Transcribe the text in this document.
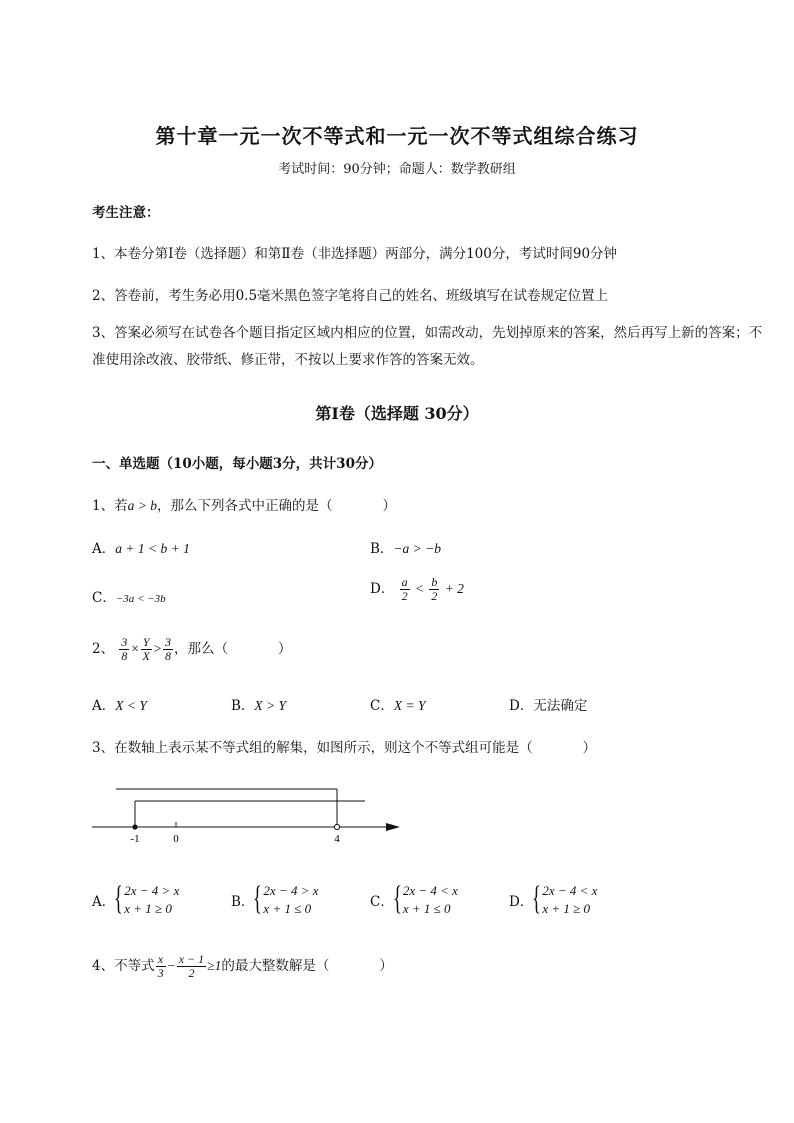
第十章一元一次不等式和一元一次不等式组综合练习
考试时间：90分钟；命题人：数学教研组
考生注意：
1、本卷分第Ⅰ卷（选择题）和第Ⅱ卷（非选择题）两部分，满分100分，考试时间90分钟
2、答卷前，考生务必用0.5毫米黑色签字笔将自己的姓名、班级填写在试卷规定位置上
3、答案必须写在试卷各个题目指定区域内相应的位置，如需改动，先划掉原来的答案，然后再写上新的答案；不准使用涂改液、胶带纸、修正带，不按以上要求作答的答案无效。
第Ⅰ卷（选择题 30分）
一、单选题（10小题，每小题3分，共计30分）
1、若a > b，那么下列各式中正确的是（	）
A．a + 1 < b + 1	B．−a > −b
C．−3a < −3b
D． $\frac{a}{2} < \frac{b}{2} + 2$
2、 $\frac{3}{8} \times \frac{Y}{X} > \frac{3}{8}$ ，那么（	）
A．X < Y	B．X > Y	C．X = Y	D．无法确定
3、在数轴上表示某不等式组的解集，如图所示，则这个不等式组可能是（	）
-1	0	4
A． { 2x − 4 > x
x + 1 ≥ 0	B． { 2x − 4 > x
x + 1 ≤ 0	C． { 2x − 4 < x
x + 1 ≤ 0	D． { 2x − 4 < x
x + 1 ≥ 0
4、不等式 $\frac{x}{3} - \frac{x - 1}{2} \ge 1$的最大整数解是（	）
